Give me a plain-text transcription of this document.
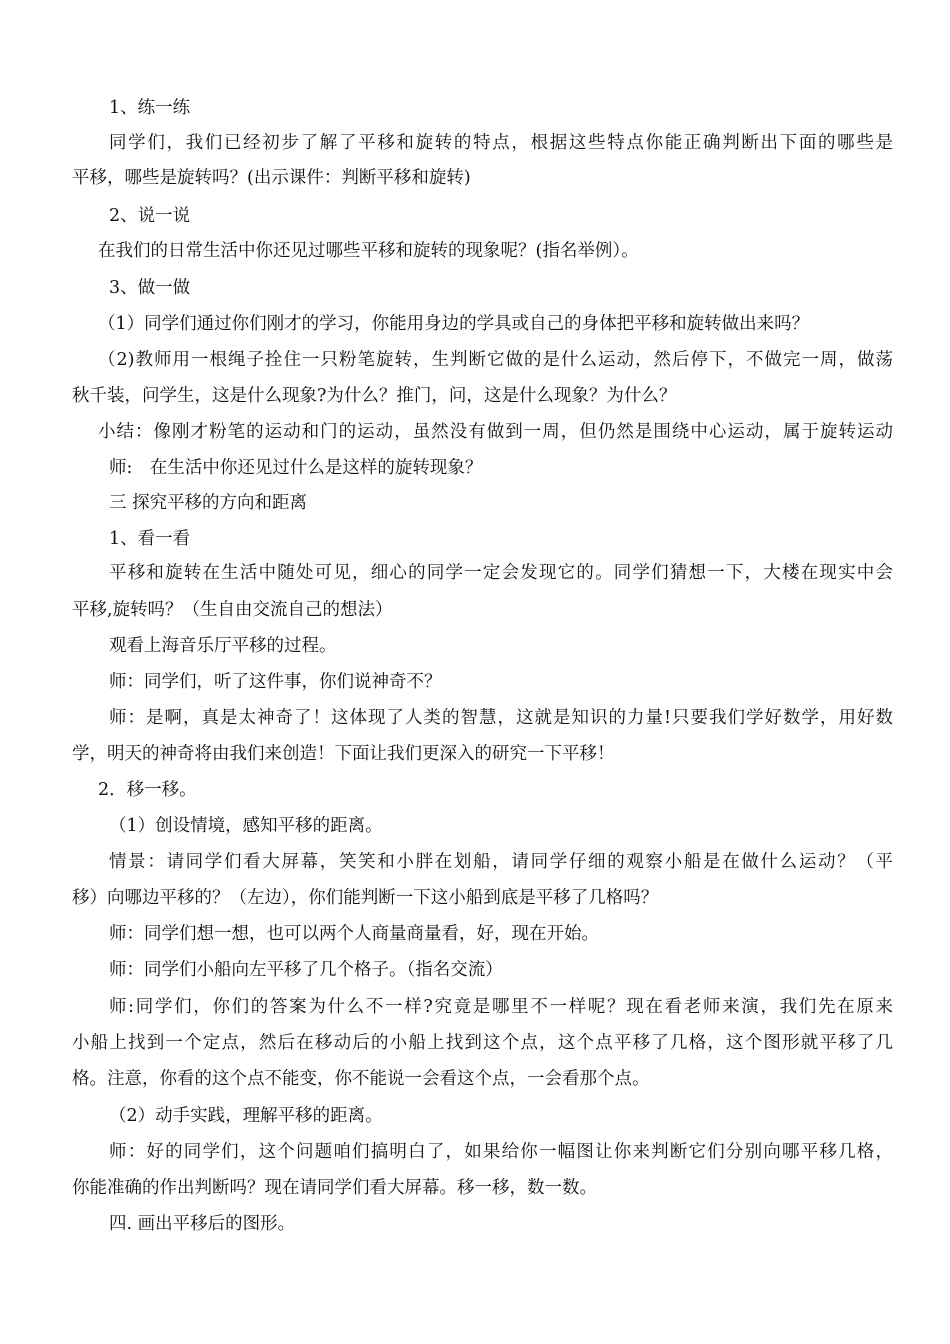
1、练一练
同学们，我们已经初步了解了平移和旋转的特点，根据这些特点你能正确判断出下面的哪些是
平移，哪些是旋转吗？(出示课件：判断平移和旋转)
2、说一说
在我们的日常生活中你还见过哪些平移和旋转的现象呢？(指名举例）。
3、做一做
（1）同学们通过你们刚才的学习，你能用身边的学具或自己的身体把平移和旋转做出来吗？
（2)教师用一根绳子拴住一只粉笔旋转，生判断它做的是什么运动，然后停下，不做完一周，做荡
秋千装，问学生，这是什么现象?为什么？推门，问，这是什么现象？为什么？
小结：像刚才粉笔的运动和门的运动，虽然没有做到一周，但仍然是围绕中心运动，属于旋转运动
师:　在生活中你还见过什么是这样的旋转现象？
三 探究平移的方向和距离
1、看一看
平移和旋转在生活中随处可见，细心的同学一定会发现它的。同学们猜想一下，大楼在现实中会
平移,旋转吗？（生自由交流自己的想法）
观看上海音乐厅平移的过程。
师：同学们，听了这件事，你们说神奇不？
师：是啊，真是太神奇了！这体现了人类的智慧，这就是知识的力量!只要我们学好数学，用好数
学，明天的神奇将由我们来创造！下面让我们更深入的研究一下平移！
2．移一移。
（1）创设情境，感知平移的距离。
情景：请同学们看大屏幕，笑笑和小胖在划船，请同学仔细的观察小船是在做什么运动？（平
移）向哪边平移的？（左边），你们能判断一下这小船到底是平移了几格吗？
师：同学们想一想，也可以两个人商量商量看，好，现在开始。
师：同学们小船向左平移了几个格子。（指名交流）
师:同学们，你们的答案为什么不一样?究竟是哪里不一样呢？现在看老师来演，我们先在原来
小船上找到一个定点，然后在移动后的小船上找到这个点，这个点平移了几格，这个图形就平移了几
格。注意，你看的这个点不能变，你不能说一会看这个点，一会看那个点。
（2）动手实践，理解平移的距离。
师：好的同学们，这个问题咱们搞明白了，如果给你一幅图让你来判断它们分别向哪平移几格，
你能准确的作出判断吗？现在请同学们看大屏幕。移一移，数一数。
四. 画出平移后的图形。
